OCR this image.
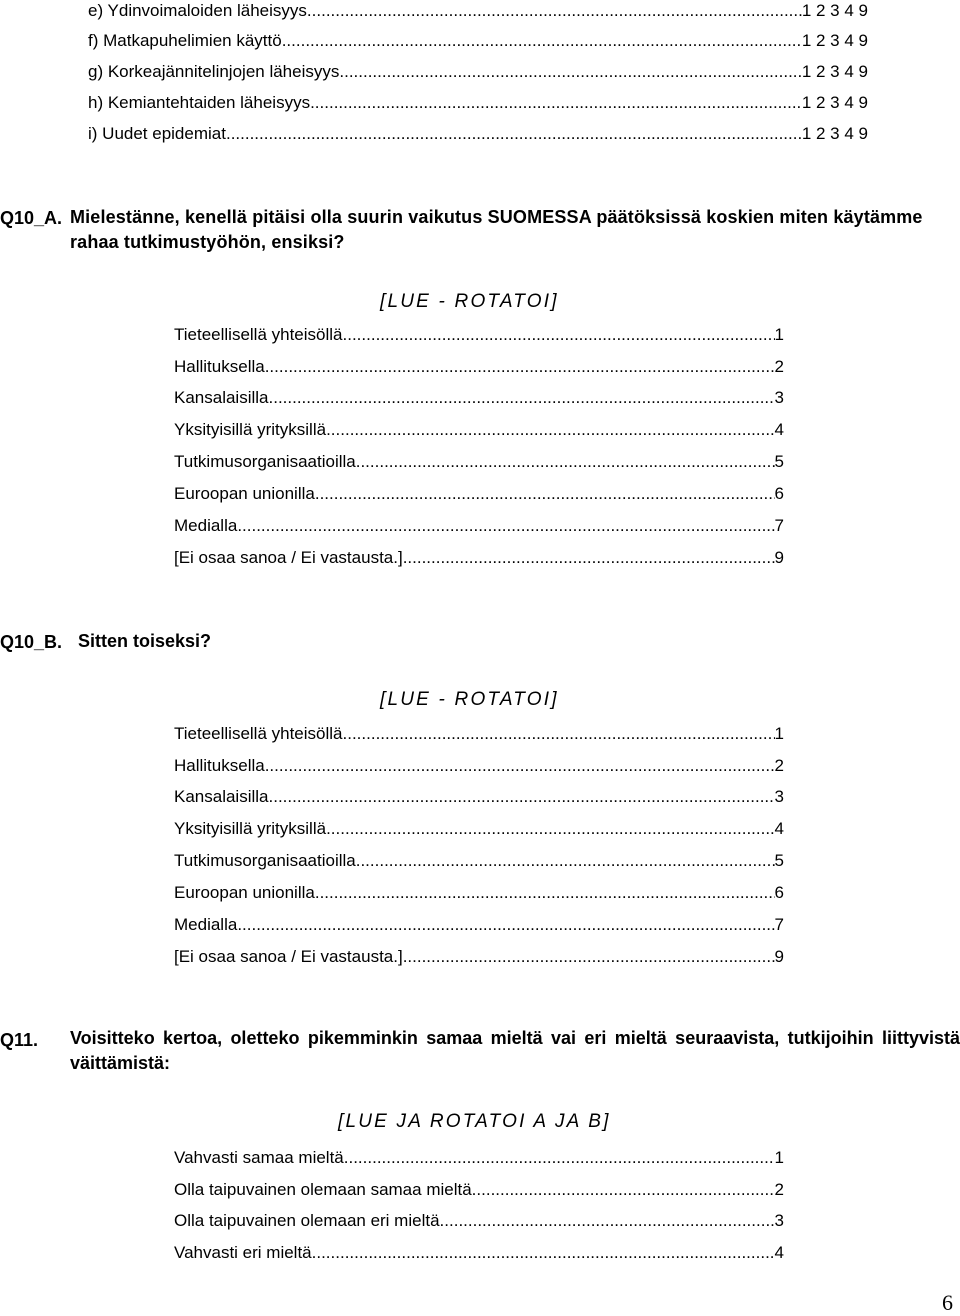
e) Ydinvoimaloiden läheisyys .....	1 2 3 4 9
f) Matkapuhelimien käyttö .....	1 2 3 4 9
g) Korkeajännitelinjojen läheisyys .....	1 2 3 4 9
h) Kemiantehtaiden läheisyys .....	1 2 3 4 9
i) Uudet epidemiat .....	1 2 3 4 9
Q10_A. Mielestänne, kenellä pitäisi olla suurin vaikutus SUOMESSA päätöksissä koskien miten käytämme rahaa tutkimustyöhön, ensiksi?
[LUE - ROTATOI]
Tieteellisellä yhteisöllä .....	1
Hallituksella .....	2
Kansalaisilla .....	3
Yksityisillä yrityksillä .....	4
Tutkimusorganisaatioilla .....	5
Euroopan unionilla .....	6
Medialla .....	7
[Ei osaa sanoa / Ei vastausta.] .....	9
Q10_B. Sitten toiseksi?
[LUE - ROTATOI]
Tieteellisellä yhteisöllä .....	1
Hallituksella .....	2
Kansalaisilla .....	3
Yksityisillä yrityksillä .....	4
Tutkimusorganisaatioilla .....	5
Euroopan unionilla .....	6
Medialla .....	7
[Ei osaa sanoa / Ei vastausta.] .....	9
Q11. Voisitteko kertoa, oletteko pikemminkin samaa mieltä vai eri mieltä seuraavista, tutkijoihin liittyvistä väittämistä:
[LUE JA ROTATOI A JA B]
Vahvasti samaa mieltä .....	1
Olla taipuvainen olemaan samaa mieltä .....	2
Olla taipuvainen olemaan eri mieltä .....	3
Vahvasti eri mieltä .....	4
6
